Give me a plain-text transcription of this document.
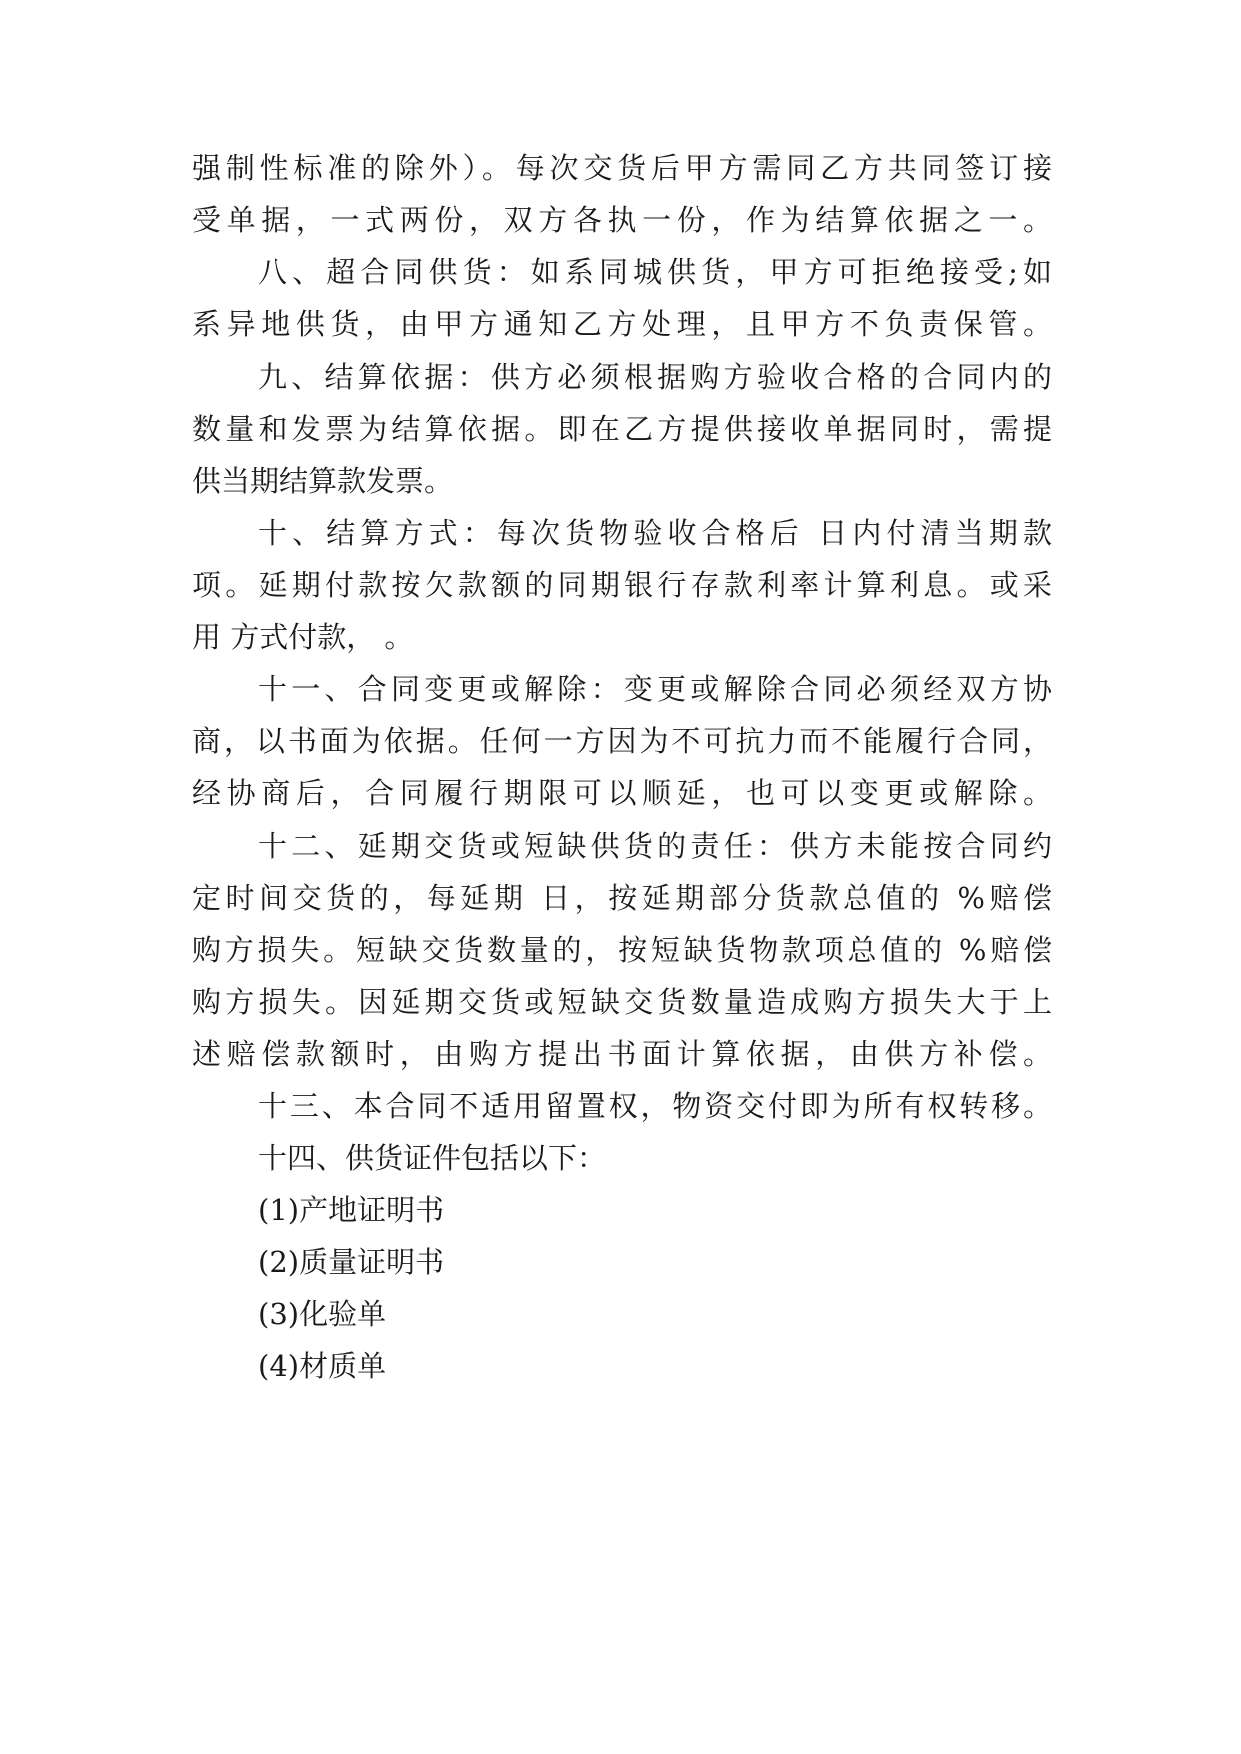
强制性标准的除外）。每次交货后甲方需同乙方共同签订接

受单据，一式两份，双方各执一份，作为结算依据之一。

八、超合同供货：如系同城供货，甲方可拒绝接受;如

系异地供货，由甲方通知乙方处理，且甲方不负责保管。

九、结算依据：供方必须根据购方验收合格的合同内的

数量和发票为结算依据。即在乙方提供接收单据同时，需提

供当期结算款发票。

十、结算方式：每次货物验收合格后 日内付清当期款

项。延期付款按欠款额的同期银行存款利率计算利息。或采

用 方式付款， 。

十一、合同变更或解除：变更或解除合同必须经双方协

商，以书面为依据。任何一方因为不可抗力而不能履行合同，

经协商后，合同履行期限可以顺延，也可以变更或解除。

十二、延期交货或短缺供货的责任：供方未能按合同约

定时间交货的，每延期 日，按延期部分货款总值的 %赔偿

购方损失。短缺交货数量的，按短缺货物款项总值的 %赔偿

购方损失。因延期交货或短缺交货数量造成购方损失大于上

述赔偿款额时，由购方提出书面计算依据，由供方补偿。

十三、本合同不适用留置权，物资交付即为所有权转移。

十四、供货证件包括以下：

(1)产地证明书

(2)质量证明书

(3)化验单

(4)材质单
